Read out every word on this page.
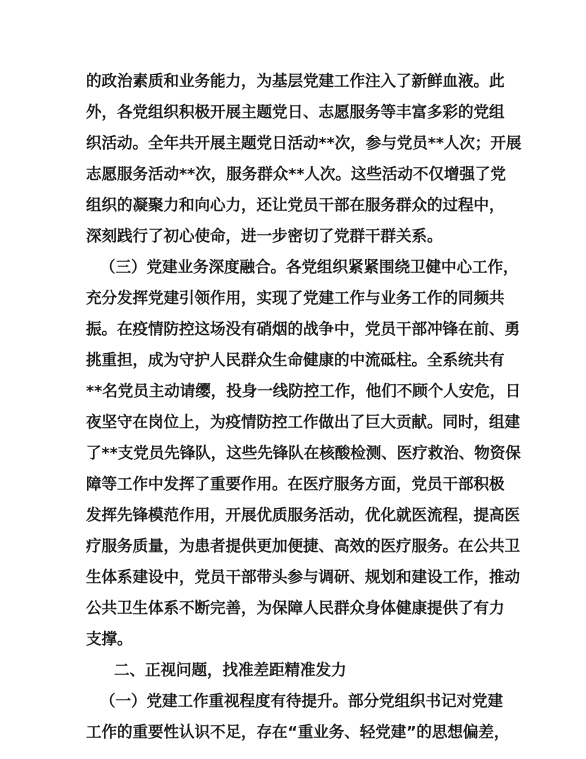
的政治素质和业务能力，为基层党建工作注入了新鲜血液。此
外，各党组织积极开展主题党日、志愿服务等丰富多彩的党组
织活动。全年共开展主题党日活动**次，参与党员**人次；开展
志愿服务活动**次，服务群众**人次。这些活动不仅增强了党
组织的凝聚力和向心力，还让党员干部在服务群众的过程中，
深刻践行了初心使命，进一步密切了党群干群关系。
（三）党建业务深度融合。各党组织紧紧围绕卫健中心工作，
充分发挥党建引领作用，实现了党建工作与业务工作的同频共
振。在疫情防控这场没有硝烟的战争中，党员干部冲锋在前、勇
挑重担，成为守护人民群众生命健康的中流砥柱。全系统共有
**名党员主动请缨，投身一线防控工作，他们不顾个人安危，日
夜坚守在岗位上，为疫情防控工作做出了巨大贡献。同时，组建
了**支党员先锋队，这些先锋队在核酸检测、医疗救治、物资保
障等工作中发挥了重要作用。在医疗服务方面，党员干部积极
发挥先锋模范作用，开展优质服务活动，优化就医流程，提高医
疗服务质量，为患者提供更加便捷、高效的医疗服务。在公共卫
生体系建设中，党员干部带头参与调研、规划和建设工作，推动
公共卫生体系不断完善，为保障人民群众身体健康提供了有力
支撑。
二、正视问题，找准差距精准发力
（一）党建工作重视程度有待提升。部分党组织书记对党建
工作的重要性认识不足，存在“重业务、轻党建”的思想偏差，
